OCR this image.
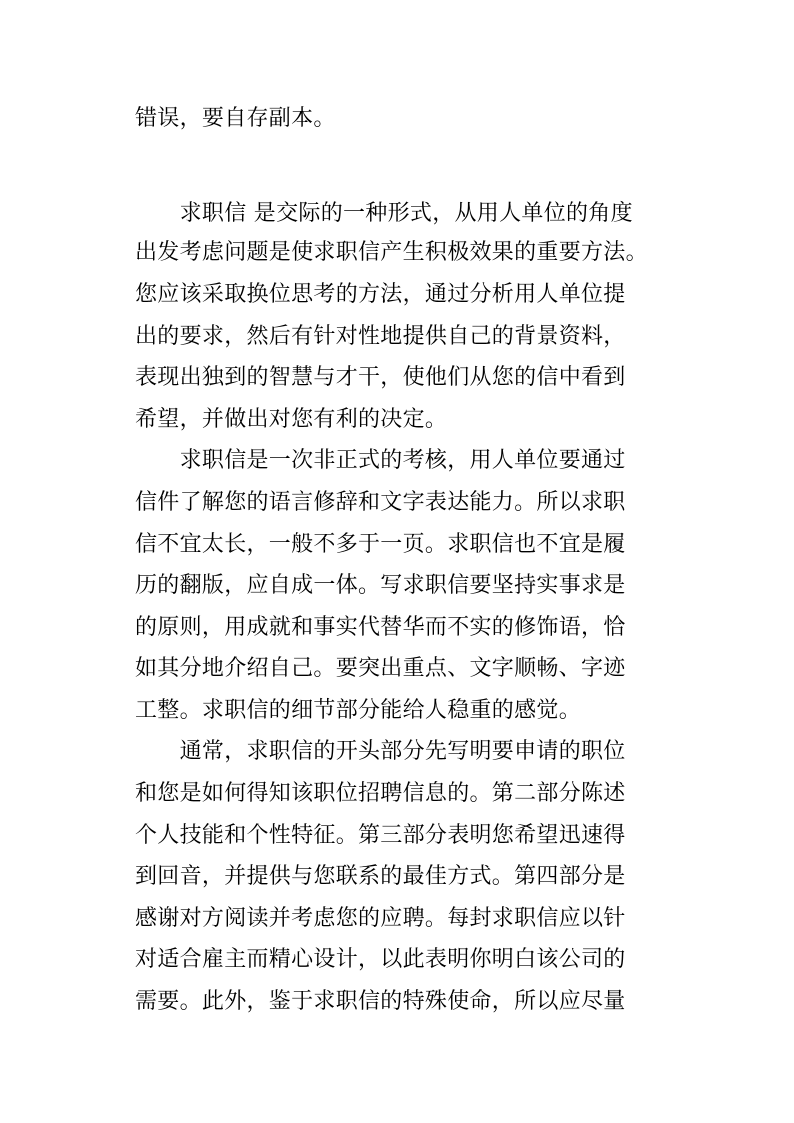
错误，要自存副本。
　　求职信 是交际的一种形式，从用人单位的角度
出发考虑问题是使求职信产生积极效果的重要方法。
您应该采取换位思考的方法，通过分析用人单位提
出的要求，然后有针对性地提供自己的背景资料，
表现出独到的智慧与才干，使他们从您的信中看到
希望，并做出对您有利的决定。
　　求职信是一次非正式的考核，用人单位要通过
信件了解您的语言修辞和文字表达能力。所以求职
信不宜太长，一般不多于一页。求职信也不宜是履
历的翻版，应自成一体。写求职信要坚持实事求是
的原则，用成就和事实代替华而不实的修饰语，恰
如其分地介绍自己。要突出重点、文字顺畅、字迹
工整。求职信的细节部分能给人稳重的感觉。
　　通常，求职信的开头部分先写明要申请的职位
和您是如何得知该职位招聘信息的。第二部分陈述
个人技能和个性特征。第三部分表明您希望迅速得
到回音，并提供与您联系的最佳方式。第四部分是
感谢对方阅读并考虑您的应聘。每封求职信应以针
对适合雇主而精心设计，以此表明你明白该公司的
需要。此外，鉴于求职信的特殊使命，所以应尽量
